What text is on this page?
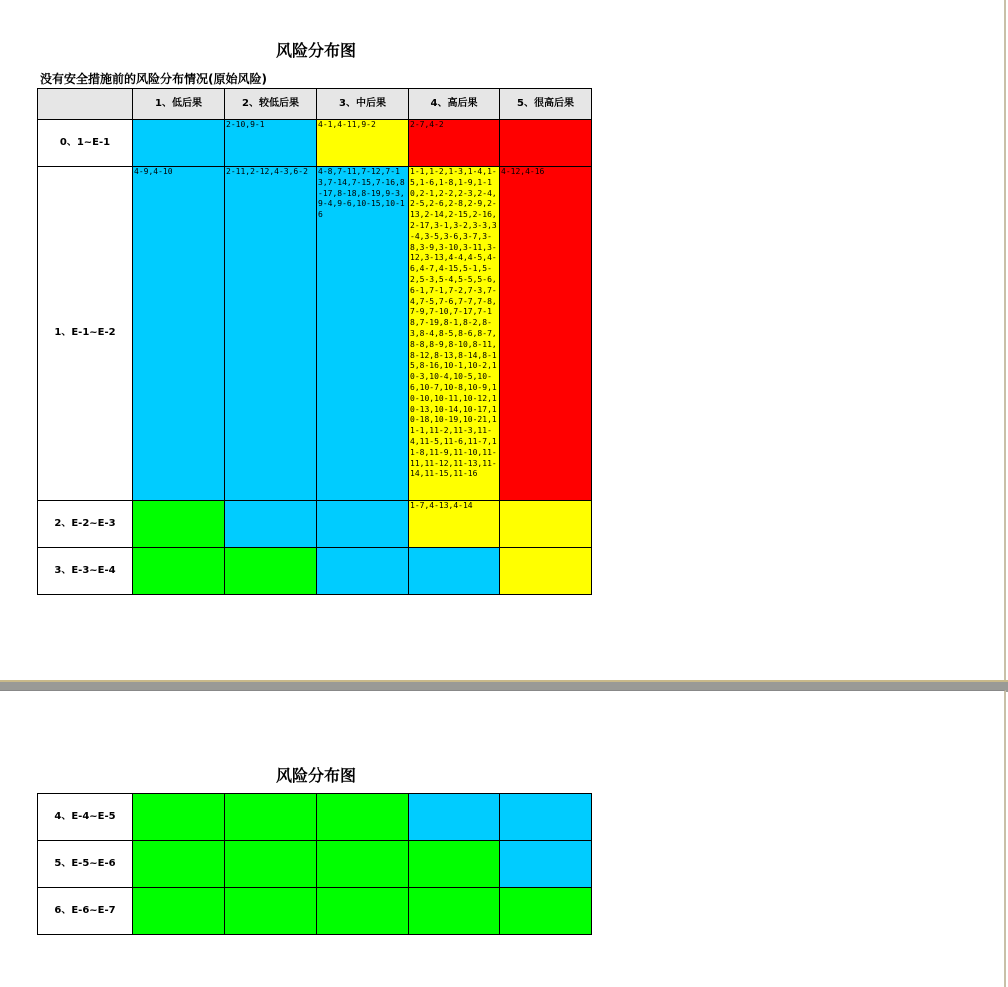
风险分布图
没有安全措施前的风险分布情况(原始风险)
	1、低后果	2、较低后果	3、中后果	4、高后果	5、很高后果
0、1~E-1		2-10,9-1	4-1,4-11,9-2	2-7,4-2	

1、E-1~E-2	4-9,4-10	2-11,2-12,4-3,6-2	4-8,7-11,7-12,7-13,7-14,7-15,7-16,8-17,8-18,8-19,9-3,9-4,9-6,10-15,10-16	1-1,1-2,1-3,1-4,1-5,1-6,1-8,1-9,1-10,2-1,2-2,2-3,2-4,2-5,2-6,2-8,2-9,2-13,2-14,2-15,2-16,2-17,3-1,3-2,3-3,3-4,3-5,3-6,3-7,3-8,3-9,3-10,3-11,3-12,3-13,4-4,4-5,4-6,4-7,4-15,5-1,5-2,5-3,5-4,5-5,5-6,6-1,7-1,7-2,7-3,7-4,7-5,7-6,7-7,7-8,7-9,7-10,7-17,7-18,7-19,8-1,8-2,8-3,8-4,8-5,8-6,8-7,8-8,8-9,8-10,8-11,8-12,8-13,8-14,8-15,8-16,10-1,10-2,10-3,10-4,10-5,10-6,10-7,10-8,10-9,10-10,10-11,10-12,10-13,10-14,10-17,10-18,10-19,10-21,11-1,11-2,11-3,11-4,11-5,11-6,11-7,11-8,11-9,11-10,11-11,11-12,11-13,11-14,11-15,11-16	4-12,4-16

2、E-2~E-3				1-7,4-13,4-14	

3、E-3~E-4	

风险分布图
4、E-4~E-5	

5、E-5~E-6	

6、E-6~E-7	
